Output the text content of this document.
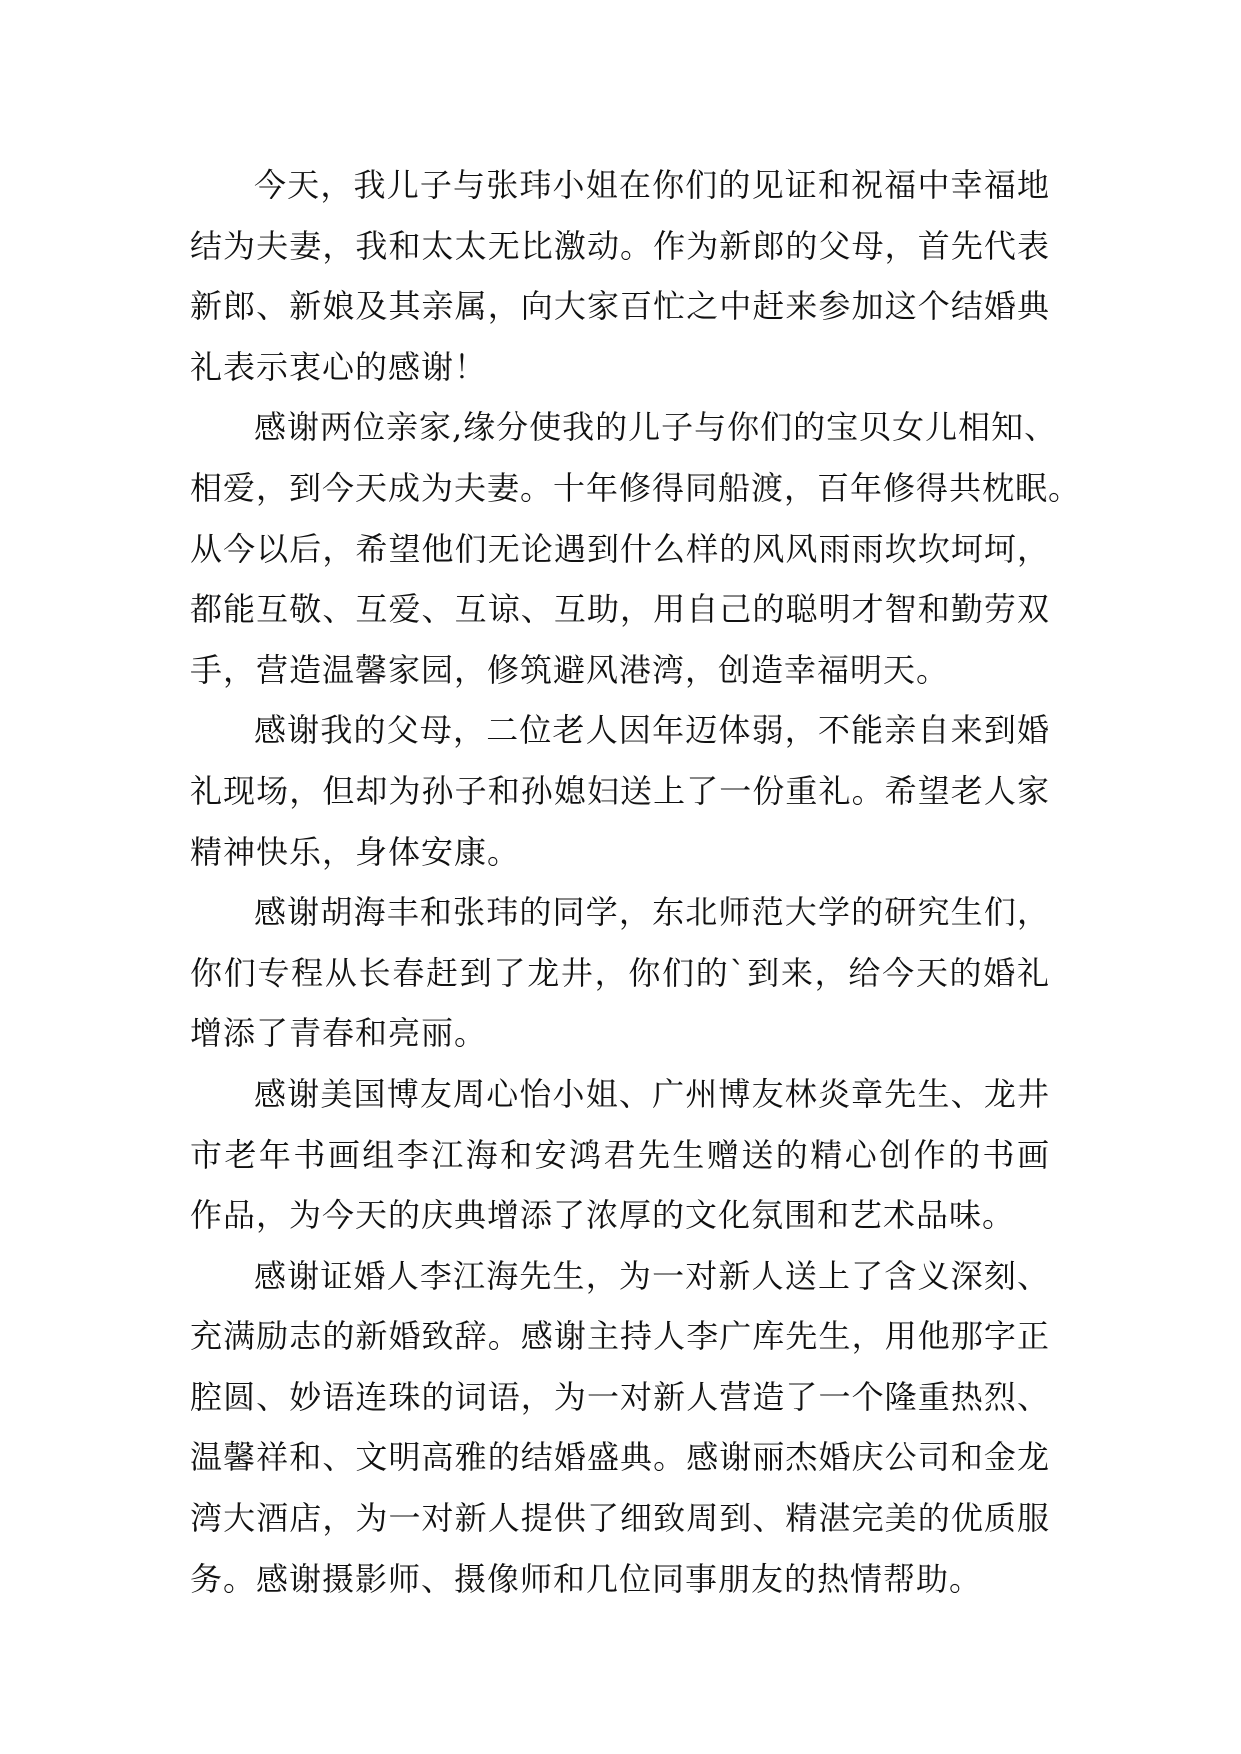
今天，我儿子与张玮小姐在你们的见证和祝福中幸福地
结为夫妻，我和太太无比激动。作为新郎的父母，首先代表
新郎、新娘及其亲属，向大家百忙之中赶来参加这个结婚典
礼表示衷心的感谢！
感谢两位亲家,缘分使我的儿子与你们的宝贝女儿相知、
相爱，到今天成为夫妻。十年修得同船渡，百年修得共枕眠。
从今以后，希望他们无论遇到什么样的风风雨雨坎坎坷坷，
都能互敬、互爱、互谅、互助，用自己的聪明才智和勤劳双
手，营造温馨家园，修筑避风港湾，创造幸福明天。
感谢我的父母，二位老人因年迈体弱，不能亲自来到婚
礼现场，但却为孙子和孙媳妇送上了一份重礼。希望老人家
精神快乐，身体安康。
感谢胡海丰和张玮的同学，东北师范大学的研究生们，
你们专程从长春赶到了龙井，你们的`到来，给今天的婚礼
增添了青春和亮丽。
感谢美国博友周心怡小姐、广州博友林炎章先生、龙井
市老年书画组李江海和安鸿君先生赠送的精心创作的书画
作品，为今天的庆典增添了浓厚的文化氛围和艺术品味。
感谢证婚人李江海先生，为一对新人送上了含义深刻、
充满励志的新婚致辞。感谢主持人李广库先生，用他那字正
腔圆、妙语连珠的词语，为一对新人营造了一个隆重热烈、
温馨祥和、文明高雅的结婚盛典。感谢丽杰婚庆公司和金龙
湾大酒店，为一对新人提供了细致周到、精湛完美的优质服
务。感谢摄影师、摄像师和几位同事朋友的热情帮助。
